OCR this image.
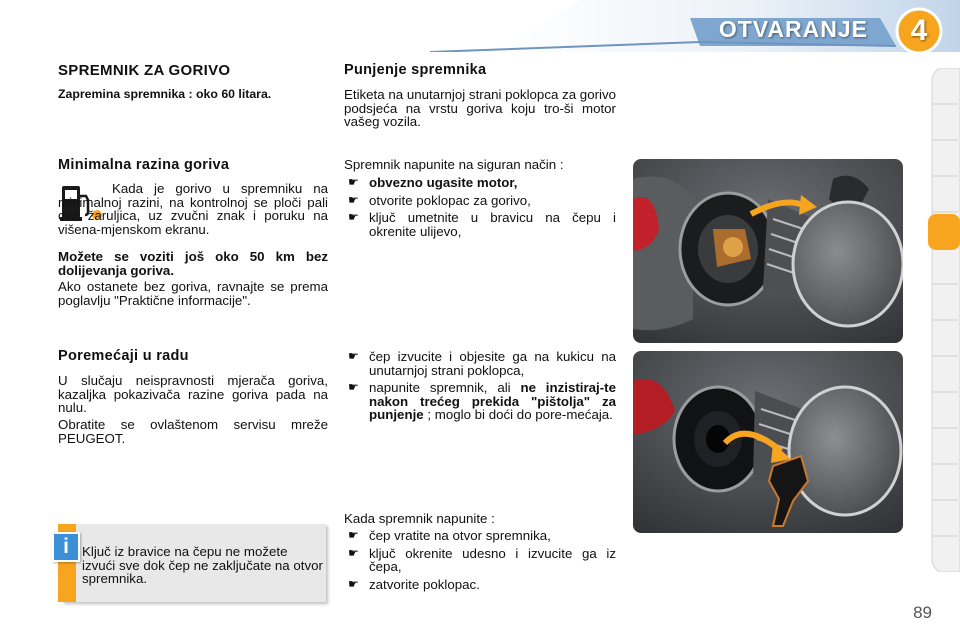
OTVARANJE	4
SPREMNIK ZA GORIVO

Zapremina spremnika : oko 60 litara.

Minimalna razina goriva

Kada je gorivo u spremniku na minimalnoj razini, na kontrolnoj se ploči pali ova žaruljica, uz zvučni znak i poruku na višena-mjenskom ekranu.

Možete se voziti još oko 50 km bez dolijevanja goriva.

Ako ostanete bez goriva, ravnajte se prema poglavlju "Praktične informacije".

Poremećaji u radu

U slučaju neispravnosti mjerača goriva, kazaljka pokazivača razine goriva pada na nulu.

Obratite se ovlaštenom servisu mreže PEUGEOT.

i Ključ iz bravice na čepu ne možete izvući sve dok čep ne zaključate na otvor spremnika.

Punjenje spremnika

Etiketa na unutarnjoj strani poklopca za gorivo podsjeća na vrstu goriva koju tro-ši motor vašeg vozila.

Spremnik napunite na siguran način :

☛ obvezno ugasite motor,
☛ otvorite poklopac za gorivo,
☛ ključ umetnite u bravicu na čepu i okrenite ulijevo,
☛ čep izvucite i objesite ga na kukicu na unutarnjoj strani poklopca,
☛ napunite spremnik, ali ne inzistiraj-te nakon trećeg prekida "pištolja" za punjenje ; moglo bi doći do pore-mećaja.

Kada spremnik napunite :

☛ čep vratite na otvor spremnika,
☛ ključ okrenite udesno i izvucite ga iz čepa,
☛ zatvorite poklopac.
89
